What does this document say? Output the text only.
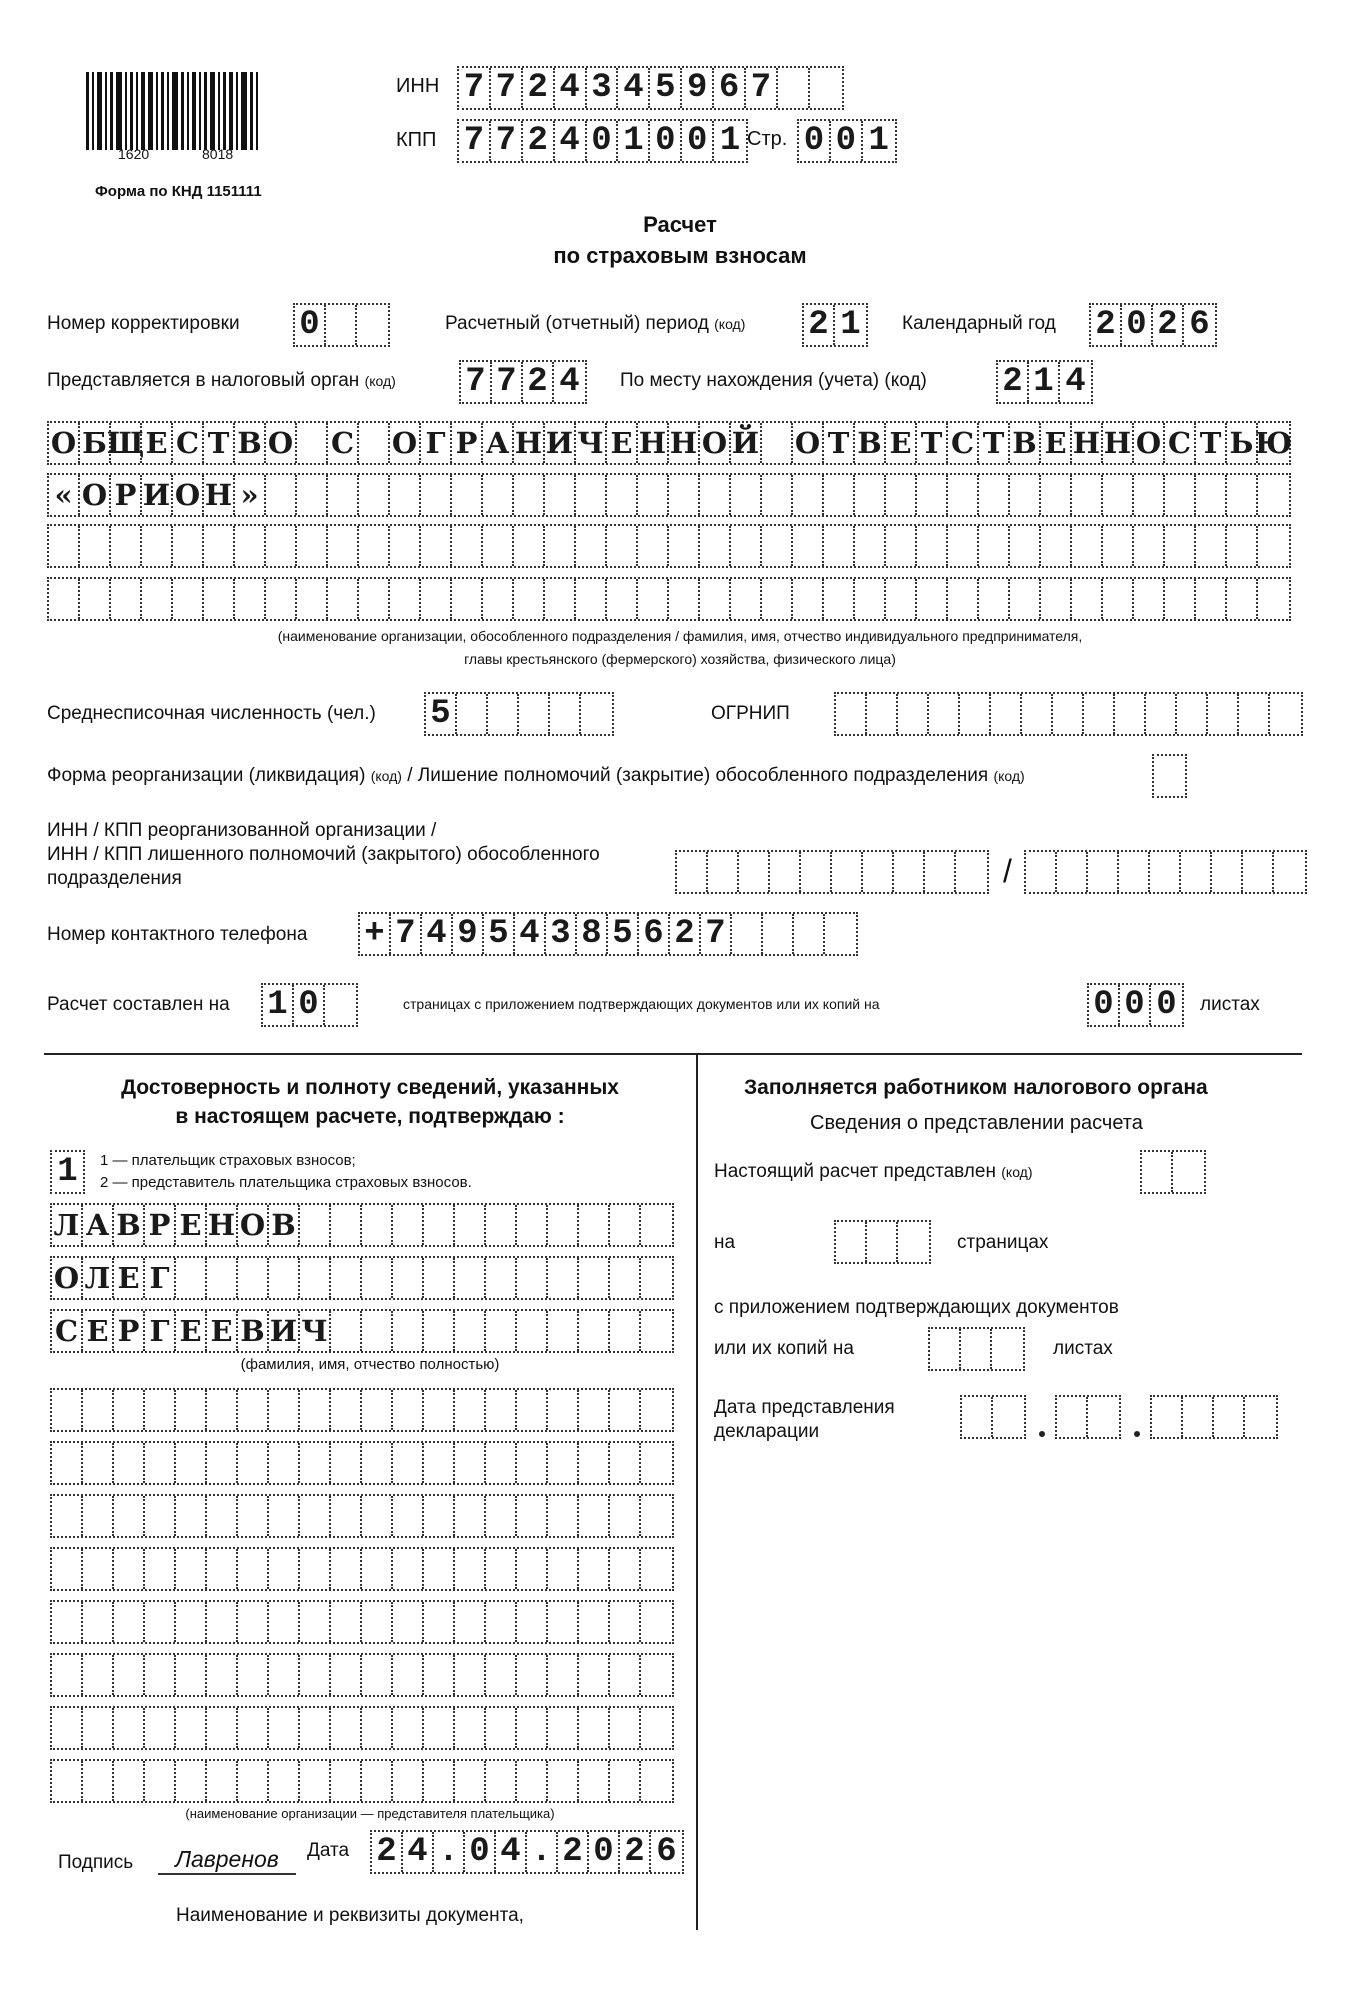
1620	8018
Форма по КНД 1151111
ИНН 7 7 2 4 3 4 5 9 6 7
КПП 7 7 2 4 0 1 0 0 1 Стр. 0 0 1
Расчет
по страховым взносам
Номер корректировки 0	Расчетный (отчетный) период (код) 2 1 Календарный год 2 0 2 6
Представляется в налоговый орган (код) 7 7 2 4 По месту нахождения (учета) (код) 2 1 4
О Б Щ Е С Т В О С О Г Р А Н И Ч Е Н Н О Й О Т В Е Т С Т В Е Н Н О С Т Ь Ю
« О Р И О Н »
(наименование организации, обособленного подразделения / фамилия, имя, отчество индивидуального предпринимателя,
главы крестьянского (фермерского) хозяйства, физического лица)
Среднесписочная численность (чел.) 5	ОГРНИП
Форма реорганизации (ликвидация) (код) / Лишение полномочий (закрытие) обособленного подразделения (код)
ИНН / КПП реорганизованной организации /
ИНН / КПП лишенного полномочий (закрытого) обособленного
подразделения	/
Номер контактного телефона + 7 4 9 5 4 3 8 5 6 2 7
Расчет составлен на 1 0	страницах с приложением подтверждающих документов или их копий на	0 0 0 листах
Достоверность и полноту сведений, указанных
в настоящем расчете, подтверждаю :
1	1 — плательщик страховых взносов;
2 — представитель плательщика страховых взносов.
Л А В Р Е Н О В
О Л Е Г
С Е Р Г Е Е В И Ч
(фамилия, имя, отчество полностью)
(наименование организации — представителя плательщика)
Подпись	Лавренов	Дата 2 4 . 0 4 . 2 0 2 6
Наименование и реквизиты документа,
Заполняется работником налогового органа
Сведения о представлении расчета
Настоящий расчет представлен (код)
на	страницах
с приложением подтверждающих документов
или их копий на	листах
Дата представления
декларации
